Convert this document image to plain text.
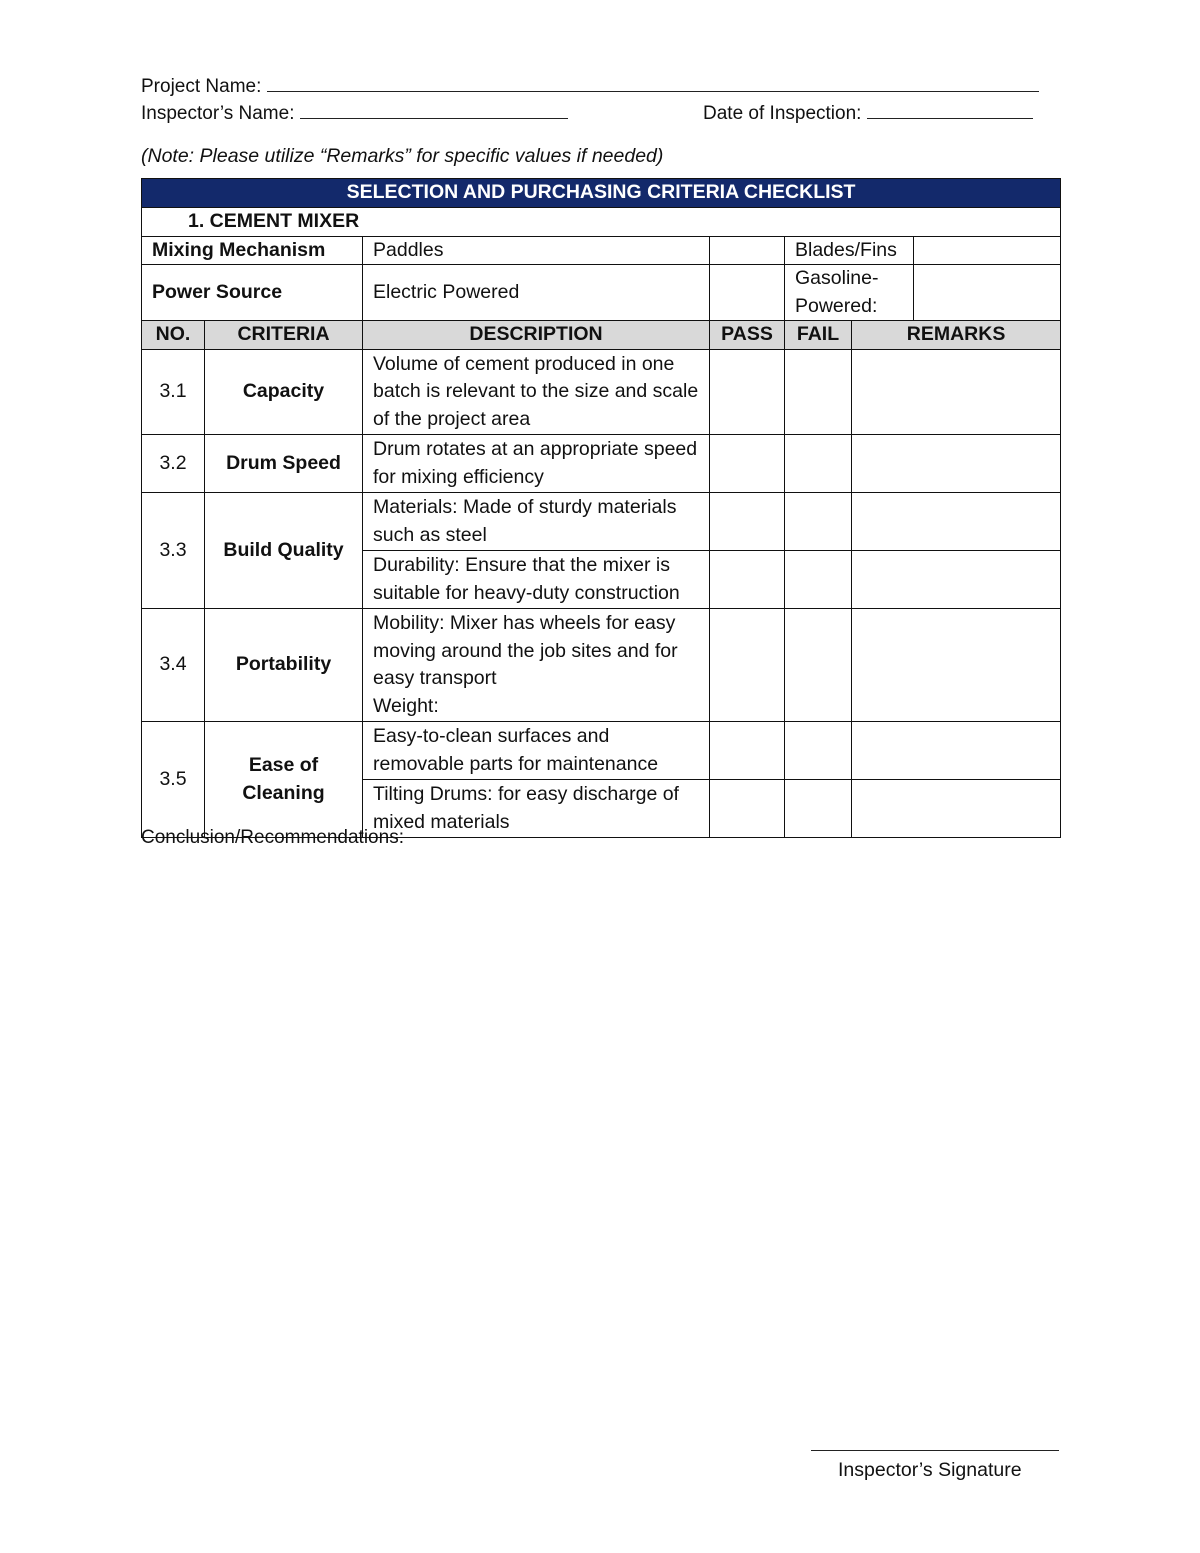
Project Name:
Inspector’s Name:	Date of Inspection:
(Note: Please utilize “Remarks” for specific values if needed)
SELECTION AND PURCHASING CRITERIA CHECKLIST						
1. CEMENT MIXER						
Mixing Mechanism		Paddles		Blades/Fins		
Power Source		Electric Powered		Gasoline-Powered:		
NO.	CRITERIA	DESCRIPTION	PASS	FAIL	REMARKS	
3.1	Capacity	Volume of cement produced in one batch is relevant to the size and scale of the project area				
3.2	Drum Speed	Drum rotates at an appropriate speed for mixing efficiency				
3.3	Build Quality	Materials: Made of sturdy materials such as steel				
		Durability: Ensure that the mixer is suitable for heavy-duty construction				
3.4	Portability	Mobility: Mixer has wheels for easy moving around the job sites and for easy transport
Weight:				

3.5	Ease of Cleaning	Easy-to-clean surfaces and removable parts for maintenance				
		Tilting Drums: for easy discharge of mixed materials				
Conclusion/Recommendations:
Inspector’s Signature
